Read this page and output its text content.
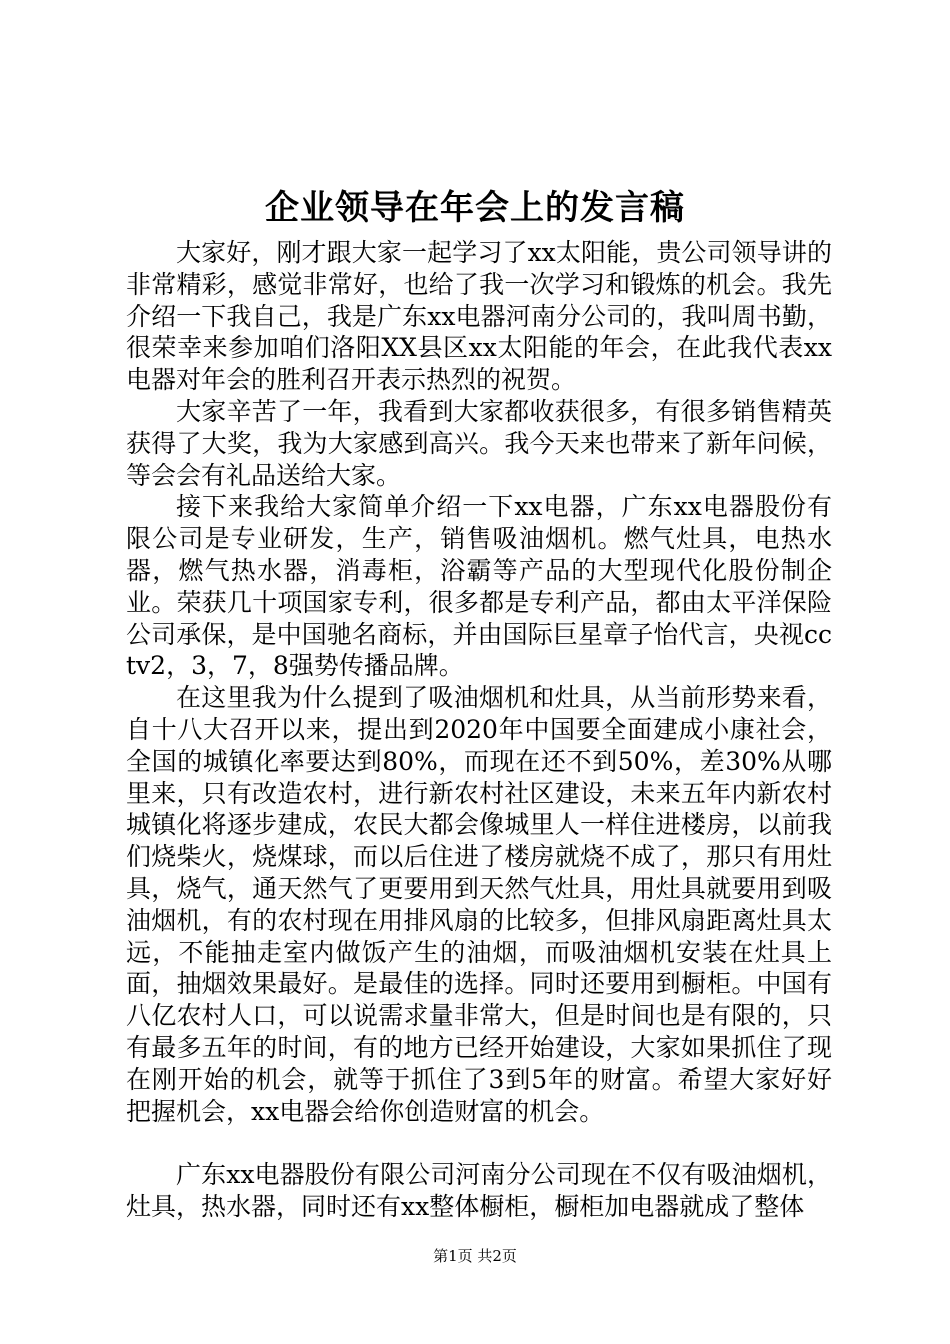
企业领导在年会上的发言稿

大家好，刚才跟大家一起学习了xx太阳能，贵公司领导讲的非常精彩，感觉非常好，也给了我一次学习和锻炼的机会。我先介绍一下我自己，我是广东xx电器河南分公司的，我叫周书勤，很荣幸来参加咱们洛阳XX县区xx太阳能的年会，在此我代表xx电器对年会的胜利召开表示热烈的祝贺。

大家辛苦了一年，我看到大家都收获很多，有很多销售精英获得了大奖，我为大家感到高兴。我今天来也带来了新年问候，等会会有礼品送给大家。

接下来我给大家简单介绍一下xx电器，广东xx电器股份有限公司是专业研发，生产，销售吸油烟机。燃气灶具，电热水器，燃气热水器，消毒柜，浴霸等产品的大型现代化股份制企业。荣获几十项国家专利，很多都是专利产品，都由太平洋保险公司承保，是中国驰名商标，并由国际巨星章子怡代言，央视cctv2，3，7，8强势传播品牌。

在这里我为什么提到了吸油烟机和灶具，从当前形势来看，自十八大召开以来，提出到2020年中国要全面建成小康社会，全国的城镇化率要达到80%，而现在还不到50%，差30%从哪里来，只有改造农村，进行新农村社区建设，未来五年内新农村城镇化将逐步建成，农民大都会像城里人一样住进楼房，以前我们烧柴火，烧煤球，而以后住进了楼房就烧不成了，那只有用灶具，烧气，通天然气了更要用到天然气灶具，用灶具就要用到吸油烟机，有的农村现在用排风扇的比较多，但排风扇距离灶具太远，不能抽走室内做饭产生的油烟，而吸油烟机安装在灶具上面，抽烟效果最好。是最佳的选择。同时还要用到橱柜。中国有八亿农村人口，可以说需求量非常大，但是时间也是有限的，只有最多五年的时间，有的地方已经开始建设，大家如果抓住了现在刚开始的机会，就等于抓住了3到5年的财富。希望大家好好把握机会，xx电器会给你创造财富的机会。

广东xx电器股份有限公司河南分公司现在不仅有吸油烟机，灶具，热水器，同时还有xx整体橱柜，橱柜加电器就成了整体

第1页 共2页
